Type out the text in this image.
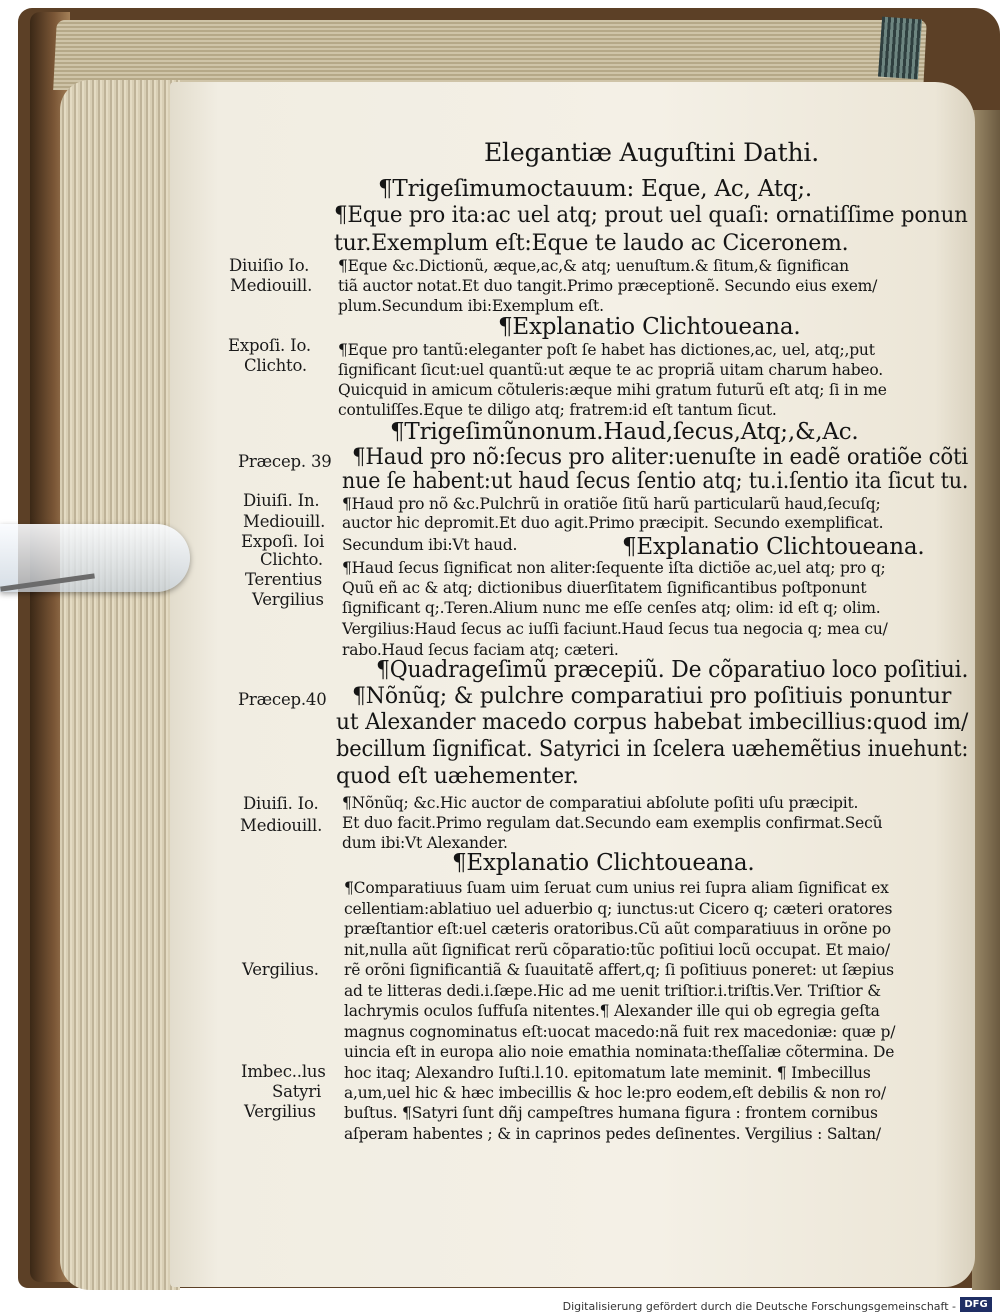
Elegantiæ Auguſtini Dathi.

Diuiſio Io.

Mediouill.

Expoſi. Io.

Clichto.

Præcep. 39

Diuiſi. In.

Mediouill.

Expoſi. Ioi

Clichto.

Terentius

Vergilius

Præcep.40

Diuiſi. Io.

Mediouill.

Vergilius.

Imbec..lus

Satyri

Vergilius

¶Trigeſimumoctauum: Eque, Ac, Atq;.

¶Eque pro ita:ac uel atq; prout uel quaſi: ornatiſſime ponun

tur.Exemplum eſt:Eque te laudo ac Ciceronem.

¶Eque &c.Dictionũ, æque,ac,& atq; uenuſtum.& ſitum,& ſignifican

tiã auctor notat.Et duo tangit.Primo præceptionẽ. Secundo eius exem/

plum.Secundum ibi:Exemplum eſt.

¶Explanatio Clichtoueana.

¶Eque pro tantũ:eleganter poſt ſe habet has dictiones,ac, uel, atq;,put

ſignificant ſicut:uel quantũ:ut æque te ac propriã uitam charum habeo.

Quicquid in amicum cõtuleris:æque mihi gratum futurũ eſt atq; ſi in me

contuliſſes.Eque te diligo atq; fratrem:id eſt tantum ſicut.

¶Trigeſimũnonum.Haud,ſecus,Atq;,&,Ac.

¶Haud pro nõ:ſecus pro aliter:uenuſte in eadẽ oratiõe cõti

nue ſe habent:ut haud ſecus ſentio atq; tu.i.ſentio ita ſicut tu.

¶Haud pro nõ &c.Pulchrũ in oratiõe ſitũ harũ particularũ haud,ſecuſq;

auctor hic depromit.Et duo agit.Primo præcipit. Secundo exemplificat.

Secundum ibi:Vt haud.	¶Explanatio Clichtoueana.

¶Haud ſecus ſignificat non aliter:ſequente iſta dictiõe ac,uel atq; pro q;

Quũ eñ ac & atq; dictionibus diuerſitatem ſignificantibus poſtponunt

ſignificant q;.Teren.Alium nunc me eſſe cenſes atq; olim: id eſt q; olim.

Vergilius:Haud ſecus ac iuſſi faciunt.Haud ſecus tua negocia q; mea cu/

rabo.Haud ſecus faciam atq; cæteri.

¶Quadrageſimũ præcepiũ. De cõparatiuo loco poſitiui.

¶Nõnũq; & pulchre comparatiui pro poſitiuis ponuntur

ut Alexander macedo corpus habebat imbecillius:quod im/

becillum ſignificat. Satyrici in ſcelera uæhemẽtius inuehunt:

quod eſt uæhementer.

¶Nõnũq; &c.Hic auctor de comparatiui abſolute poſiti uſu præcipit.

Et duo facit.Primo regulam dat.Secundo eam exemplis confirmat.Secũ

dum ibi:Vt Alexander.

¶Explanatio Clichtoueana.

¶Comparatiuus ſuam uim ſeruat cum unius rei ſupra aliam ſignificat ex

cellentiam:ablatiuo uel aduerbio q; iunctus:ut Cicero q; cæteri oratores

præſtantior eſt:uel cæteris oratoribus.Cũ aũt comparatiuus in orõne po

nit,nulla aũt ſignificat rerũ cõparatio:tũc poſitiui locũ occupat. Et maio/

rẽ orõni ſignificantiã & ſuauitatẽ affert,q; ſi poſitiuus poneret: ut ſæpius

ad te litteras dedi.i.ſæpe.Hic ad me uenit triſtior.i.triſtis.Ver. Triſtior &

lachrymis oculos ſuffuſa nitentes.¶ Alexander ille qui ob egregia geſta

magnus cognominatus eſt:uocat macedo:nã fuit rex macedoniæ: quæ p/

uincia eſt in europa alio noie emathia nominata:theſſaliæ cõtermina. De

hoc itaq; Alexandro Iuſti.l.10. epitomatum late meminit. ¶ Imbecillus

a,um,uel hic & hæc imbecillis & hoc le:pro eodem,eſt debilis & non ro/

buſtus. ¶Satyri ſunt dñj campeſtres humana figura : frontem cornibus

aſperam habentes ; & in caprinos pedes deſinentes. Vergilius : Saltan/

Digitalisierung gefördert durch die Deutsche Forschungsgemeinschaft - DFG
